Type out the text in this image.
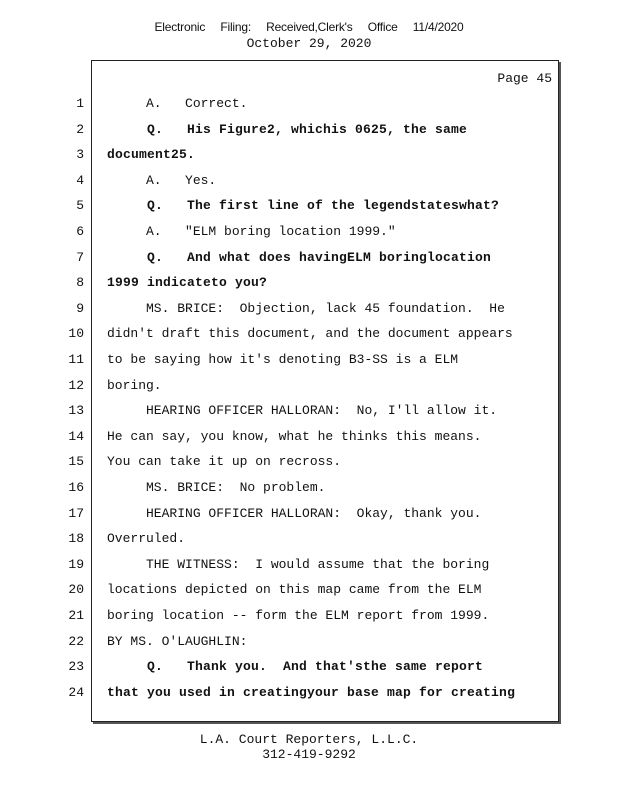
Electronic Filing: Received,Clerk's Office 11/4/2020
October 29, 2020
Page 45
1 A.   Correct.
2 Q.   His Figure2, whichis 0625, the same
3 document25.
4 A.   Yes.
5 Q.   The first line of the legendstateswhat?
6 A.   "ELM boring location 1999."
7 Q.   And what does havingELM boringlocation
8 1999 indicateto you?
9 MS. BRICE:  Objection, lack 45 foundation.  He
10 didn't draft this document, and the document appears
11 to be saying how it's denoting B3-SS is a ELM
12 boring.
13 HEARING OFFICER HALLORAN:  No, I'll allow it.
14 He can say, you know, what he thinks this means.
15 You can take it up on recross.
16 MS. BRICE:  No problem.
17 HEARING OFFICER HALLORAN:  Okay, thank you.
18 Overruled.
19 THE WITNESS:  I would assume that the boring
20 locations depicted on this map came from the ELM
21 boring location -- form the ELM report from 1999.
22 BY MS. O'LAUGHLIN:
23 Q.   Thank you.  And that'sthe same report
24 that you used in creatingyour base map for creating
L.A. Court Reporters, L.L.C.
312-419-9292
